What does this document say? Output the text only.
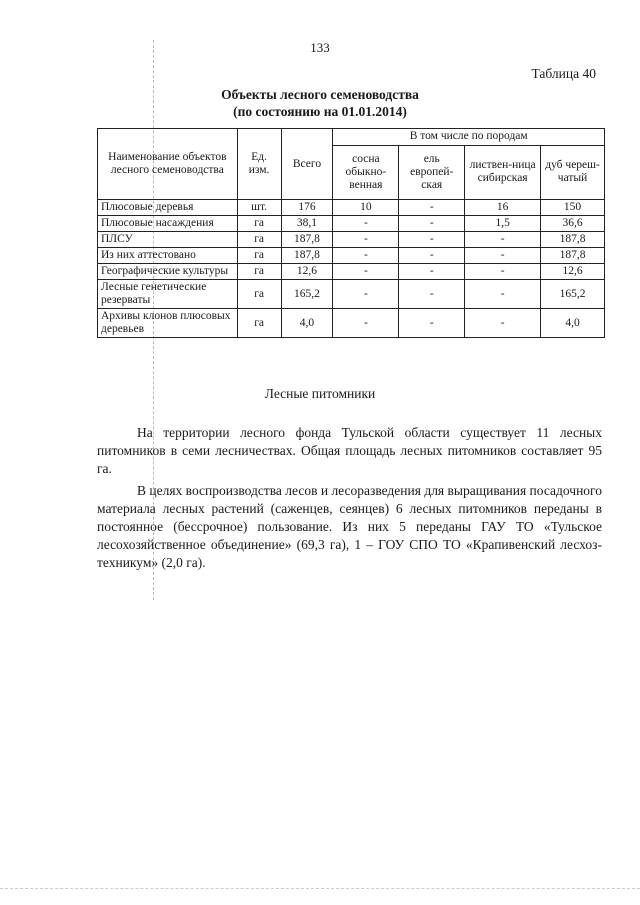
133
Таблица 40
Объекты лесного семеноводства
(по состоянию на 01.01.2014)
Наименование объектов лесного семеноводства	Ед. изм.	Всего	В том числе по породам			
			сосна обыкно-венная	ель европей-ская	листвен-ница сибирская	дуб череш-чатый
Плюсовые деревья	шт.	176	10	-	16	150
Плюсовые насаждения	га	38,1	-	-	1,5	36,6
ПЛСУ	га	187,8	-	-	-	187,8
Из них аттестовано	га	187,8	-	-	-	187,8
Географические культуры	га	12,6	-	-	-	12,6
Лесные генетические резерваты	га	165,2	-	-	-	165,2
Архивы клонов плюсовых деревьев	га	4,0	-	-	-	4,0
Лесные питомники

На территории лесного фонда Тульской области существует 11 лесных питомников в семи лесничествах. Общая площадь лесных питомников составляет 95 га.

В целях воспроизводства лесов и лесоразведения для выращивания посадочного материала лесных растений (саженцев, сеянцев) 6 лесных питомников переданы в постоянное (бессрочное) пользование. Из них 5 переданы ГАУ ТО «Тульское лесохозяйственное объединение» (69,3 га), 1 – ГОУ СПО ТО «Крапивенский лесхоз-техникум» (2,0 га).
